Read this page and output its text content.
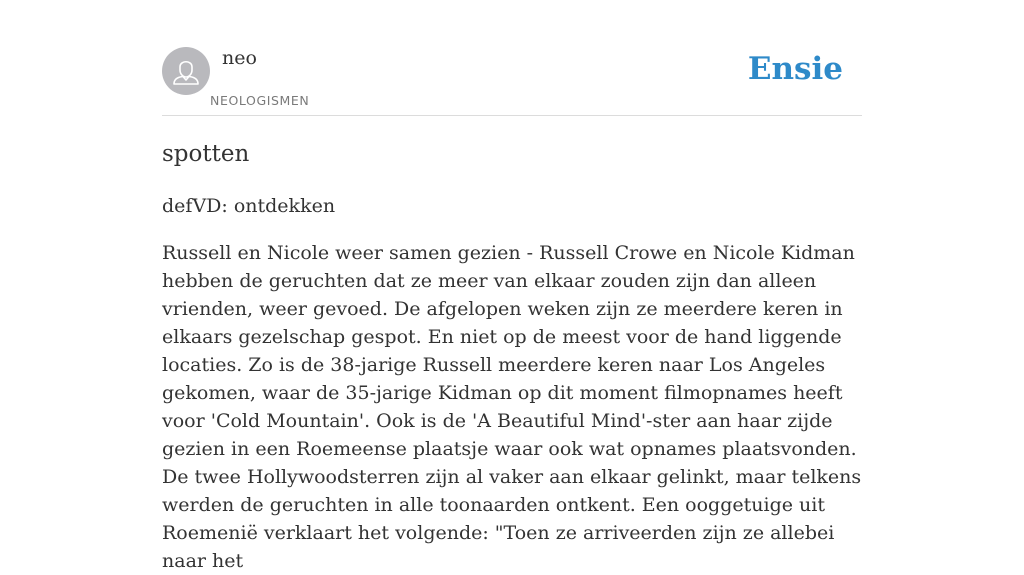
neo
NEOLOGISMEN
Ensie
spotten

defVD: ontdekken

Russell en Nicole weer samen gezien - Russell Crowe en Nicole Kidman hebben de geruchten dat ze meer van elkaar zouden zijn dan alleen vrienden, weer gevoed. De afgelopen weken zijn ze meerdere keren in elkaars gezelschap gespot. En niet op de meest voor de hand liggende locaties. Zo is de 38-jarige Russell meerdere keren naar Los Angeles gekomen, waar de 35-jarige Kidman op dit moment filmopnames heeft voor 'Cold Mountain'. Ook is de 'A Beautiful Mind'-ster aan haar zijde gezien in een Roemeense plaatsje waar ook wat opnames plaatsvonden. De twee Hollywoodsterren zijn al vaker aan elkaar gelinkt, maar telkens werden de geruchten in alle toonaarden ontkent. Een ooggetuige uit Roemenië verklaart het volgende: "Toen ze arriveerden zijn ze allebei naar het
